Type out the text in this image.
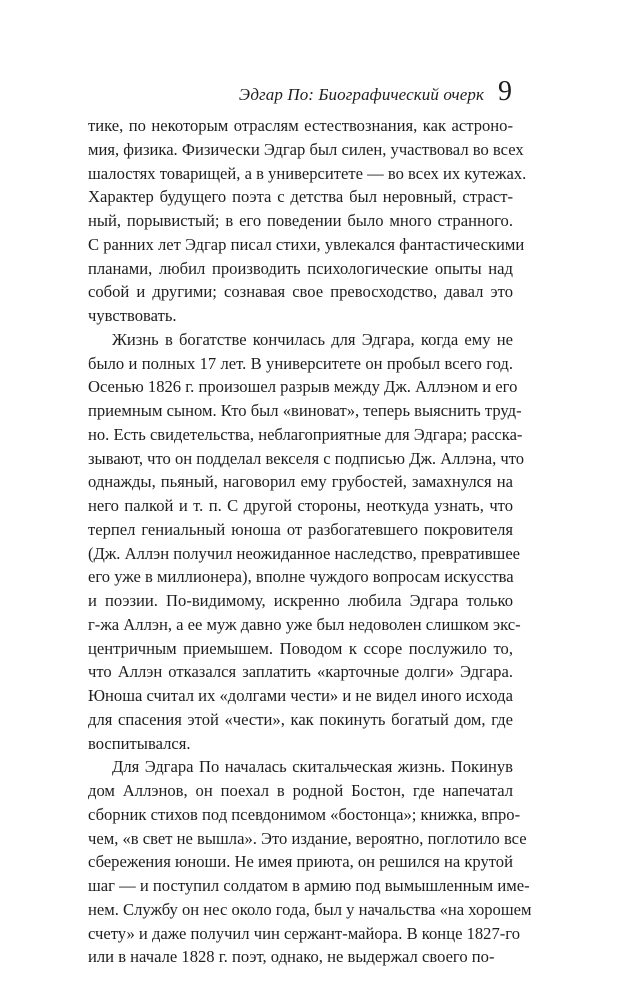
Эдгар По: Биографический очерк 9
тике, по некоторым отраслям естествознания, как астроно-
мия, физика. Физически Эдгар был силен, участвовал во всех
шалостях товарищей, а в университете — во всех их кутежах.
Характер будущего поэта с детства был неровный, страст-
ный, порывистый; в его поведении было много странного.
С ранних лет Эдгар писал стихи, увлекался фантастическими
планами, любил производить психологические опыты над
собой и другими; сознавая свое превосходство, давал это
чувствовать.
Жизнь в богатстве кончилась для Эдгара, когда ему не
было и полных 17 лет. В университете он пробыл всего год.
Осенью 1826 г. произошел разрыв между Дж. Аллэном и его
приемным сыном. Кто был «виноват», теперь выяснить труд-
но. Есть свидетельства, неблагоприятные для Эдгара; расска-
зывают, что он подделал векселя с подписью Дж. Аллэна, что
однажды, пьяный, наговорил ему грубостей, замахнулся на
него палкой и т. п. С другой стороны, неоткуда узнать, что
терпел гениальный юноша от разбогатевшего покровителя
(Дж. Аллэн получил неожиданное наследство, превратившее
его уже в миллионера), вполне чуждого вопросам искусства
и поэзии. По-видимому, искренно любила Эдгара только
г-жа Аллэн, а ее муж давно уже был недоволен слишком экс-
центричным приемышем. Поводом к ссоре послужило то,
что Аллэн отказался заплатить «карточные долги» Эдгара.
Юноша считал их «долгами чести» и не видел иного исхода
для спасения этой «чести», как покинуть богатый дом, где
воспитывался.
Для Эдгара По началась скитальческая жизнь. Покинув
дом Аллэнов, он поехал в родной Бостон, где напечатал
сборник стихов под псевдонимом «бостонца»; книжка, впро-
чем, «в свет не вышла». Это издание, вероятно, поглотило все
сбережения юноши. Не имея приюта, он решился на крутой
шаг — и поступил солдатом в армию под вымышленным име-
нем. Службу он нес около года, был у начальства «на хорошем
счету» и даже получил чин сержант-майора. В конце 1827-го
или в начале 1828 г. поэт, однако, не выдержал своего по-
